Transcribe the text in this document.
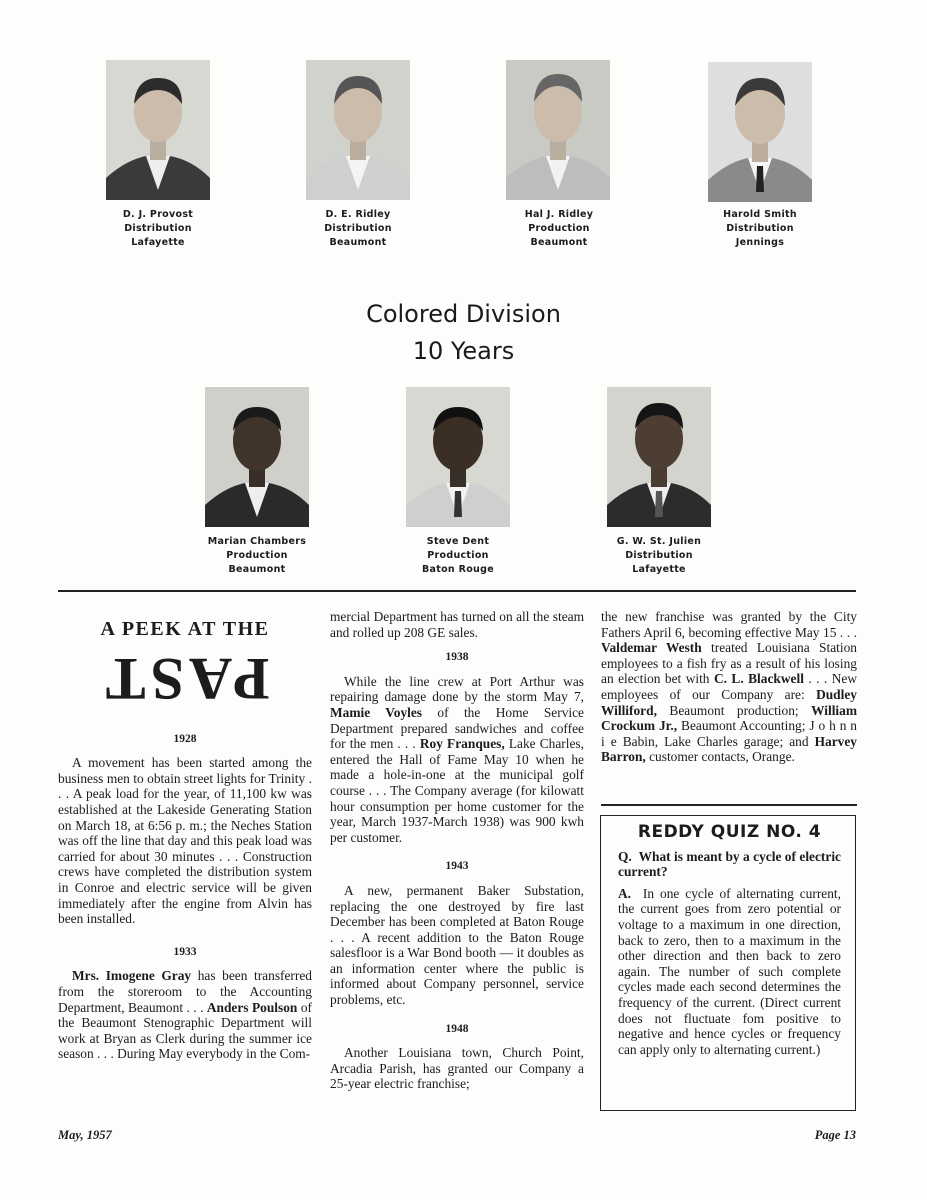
D. J. Provost
Distribution
Lafayette
D. E. Ridley
Distribution
Beaumont
Hal J. Ridley
Production
Beaumont
Harold Smith
Distribution
Jennings
Colored Division
10 Years
Marian Chambers
Production
Beaumont
Steve Dent
Production
Baton Rouge
G. W. St. Julien
Distribution
Lafayette
A PEEK AT THE
PAST
1928

A movement has been started among the business men to obtain street lights for Trinity . . . A peak load for the year, of 11,100 kw was established at the Lakeside Generating Station on March 18, at 6:56 p. m.; the Neches Station was off the line that day and this peak load was carried for about 30 minutes . . . Construction crews have completed the distribution system in Conroe and electric service will be given immediately after the engine from Alvin has been installed.

1933

Mrs. Imogene Gray has been transferred from the storeroom to the Accounting Department, Beaumont . . . Anders Poulson of the Beaumont Stenographic Department will work at Bryan as Clerk during the summer ice season . . . During May everybody in the Com-

mercial Department has turned on all the steam and rolled up 208 GE sales.

1938

While the line crew at Port Arthur was repairing damage done by the storm May 7, Mamie Voyles of the Home Service Department prepared sandwiches and coffee for the men . . . Roy Franques, Lake Charles, entered the Hall of Fame May 10 when he made a hole-in-one at the municipal golf course . . . The Company average (for kilowatt hour consumption per home customer for the year, March 1937-March 1938) was 900 kwh per customer.

1943

A new, permanent Baker Substation, replacing the one destroyed by fire last December has been completed at Baton Rouge . . . A recent addition to the Baton Rouge salesfloor is a War Bond booth — it doubles as an information center where the public is informed about Company personnel, service problems, etc.

1948

Another Louisiana town, Church Point, Arcadia Parish, has granted our Company a 25-year electric franchise;

the new franchise was granted by the City Fathers April 6, becoming effective May 15 . . . Valdemar Westh treated Louisiana Station employees to a fish fry as a result of his losing an election bet with C. L. Blackwell . . . New employees of our Company are: Dudley Williford, Beaumont production; William Crockum Jr., Beaumont Accounting; J o h n n i e Babin, Lake Charles garage; and Harvey Barron, customer contacts, Orange.

REDDY QUIZ NO. 4

Q. What is meant by a cycle of electric current?

A. In one cycle of alternating current, the current goes from zero potential or voltage to a maximum in one direction, back to zero, then to a maximum in the other direction and then back to zero again. The number of such complete cycles made each second determines the frequency of the current. (Direct current does not fluctuate fom positive to negative and hence cycles or frequency can apply only to alternating current.)

May, 1957	Page 13
